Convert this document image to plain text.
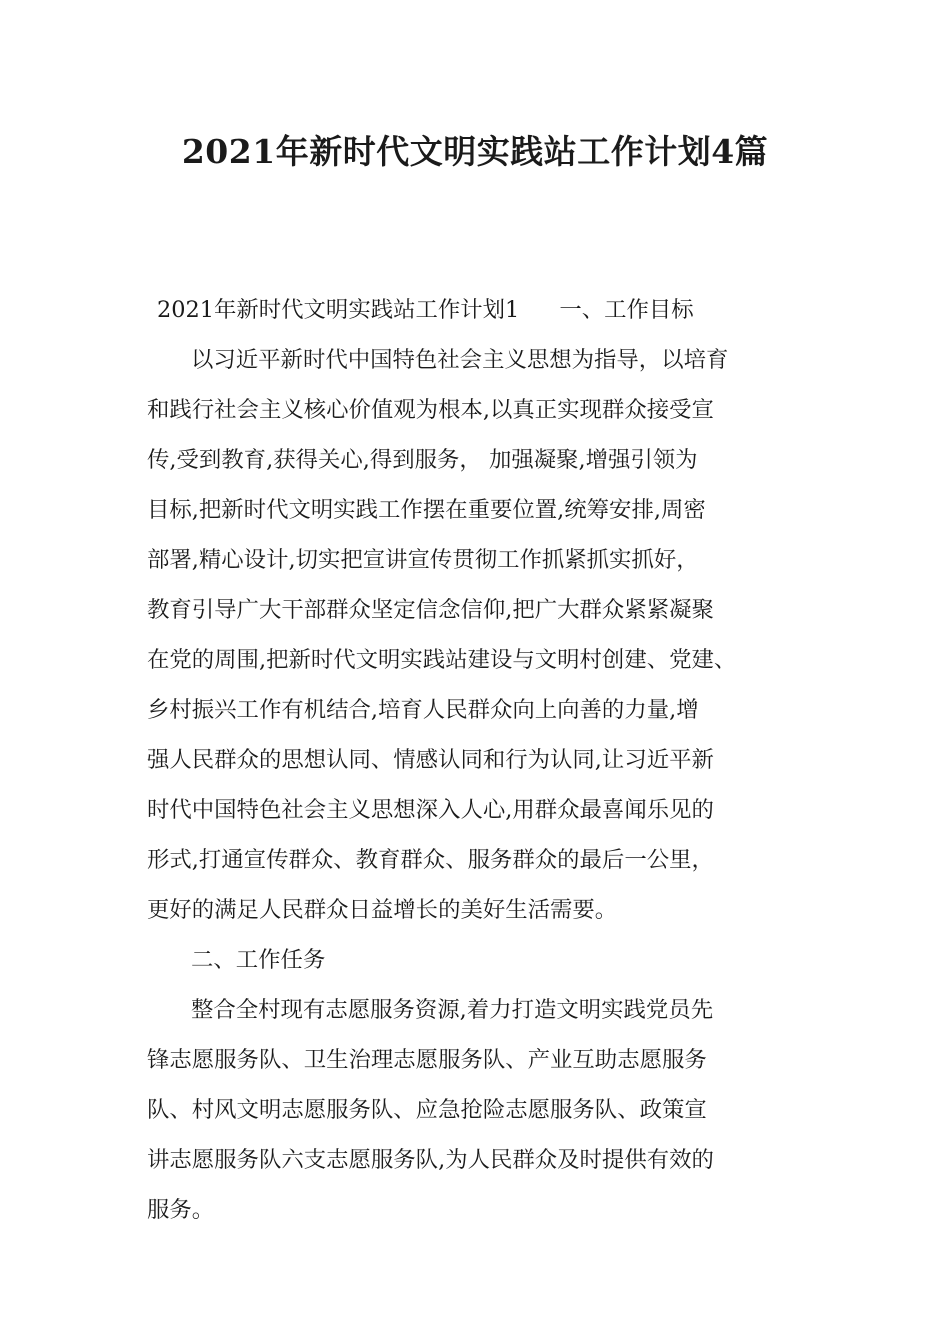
2021年新时代文明实践站工作计划4篇
2021年新时代文明实践站工作计划1 一、工作目标
以习近平新时代中国特色社会主义思想为指导，以培育
和践行社会主义核心价值观为根本,以真正实现群众接受宣
传,受到教育,获得关心,得到服务， 加强凝聚,增强引领为
目标,把新时代文明实践工作摆在重要位置,统筹安排,周密
部署,精心设计,切实把宣讲宣传贯彻工作抓紧抓实抓好，
教育引导广大干部群众坚定信念信仰,把广大群众紧紧凝聚
在党的周围,把新时代文明实践站建设与文明村创建、党建、
乡村振兴工作有机结合,培育人民群众向上向善的力量,增
强人民群众的思想认同、情感认同和行为认同,让习近平新
时代中国特色社会主义思想深入人心,用群众最喜闻乐见的
形式,打通宣传群众、教育群众、服务群众的最后一公里，
更好的满足人民群众日益增长的美好生活需要。
二、工作任务
整合全村现有志愿服务资源,着力打造文明实践党员先
锋志愿服务队、卫生治理志愿服务队、产业互助志愿服务
队、村风文明志愿服务队、应急抢险志愿服务队、政策宣
讲志愿服务队六支志愿服务队,为人民群众及时提供有效的
服务。
